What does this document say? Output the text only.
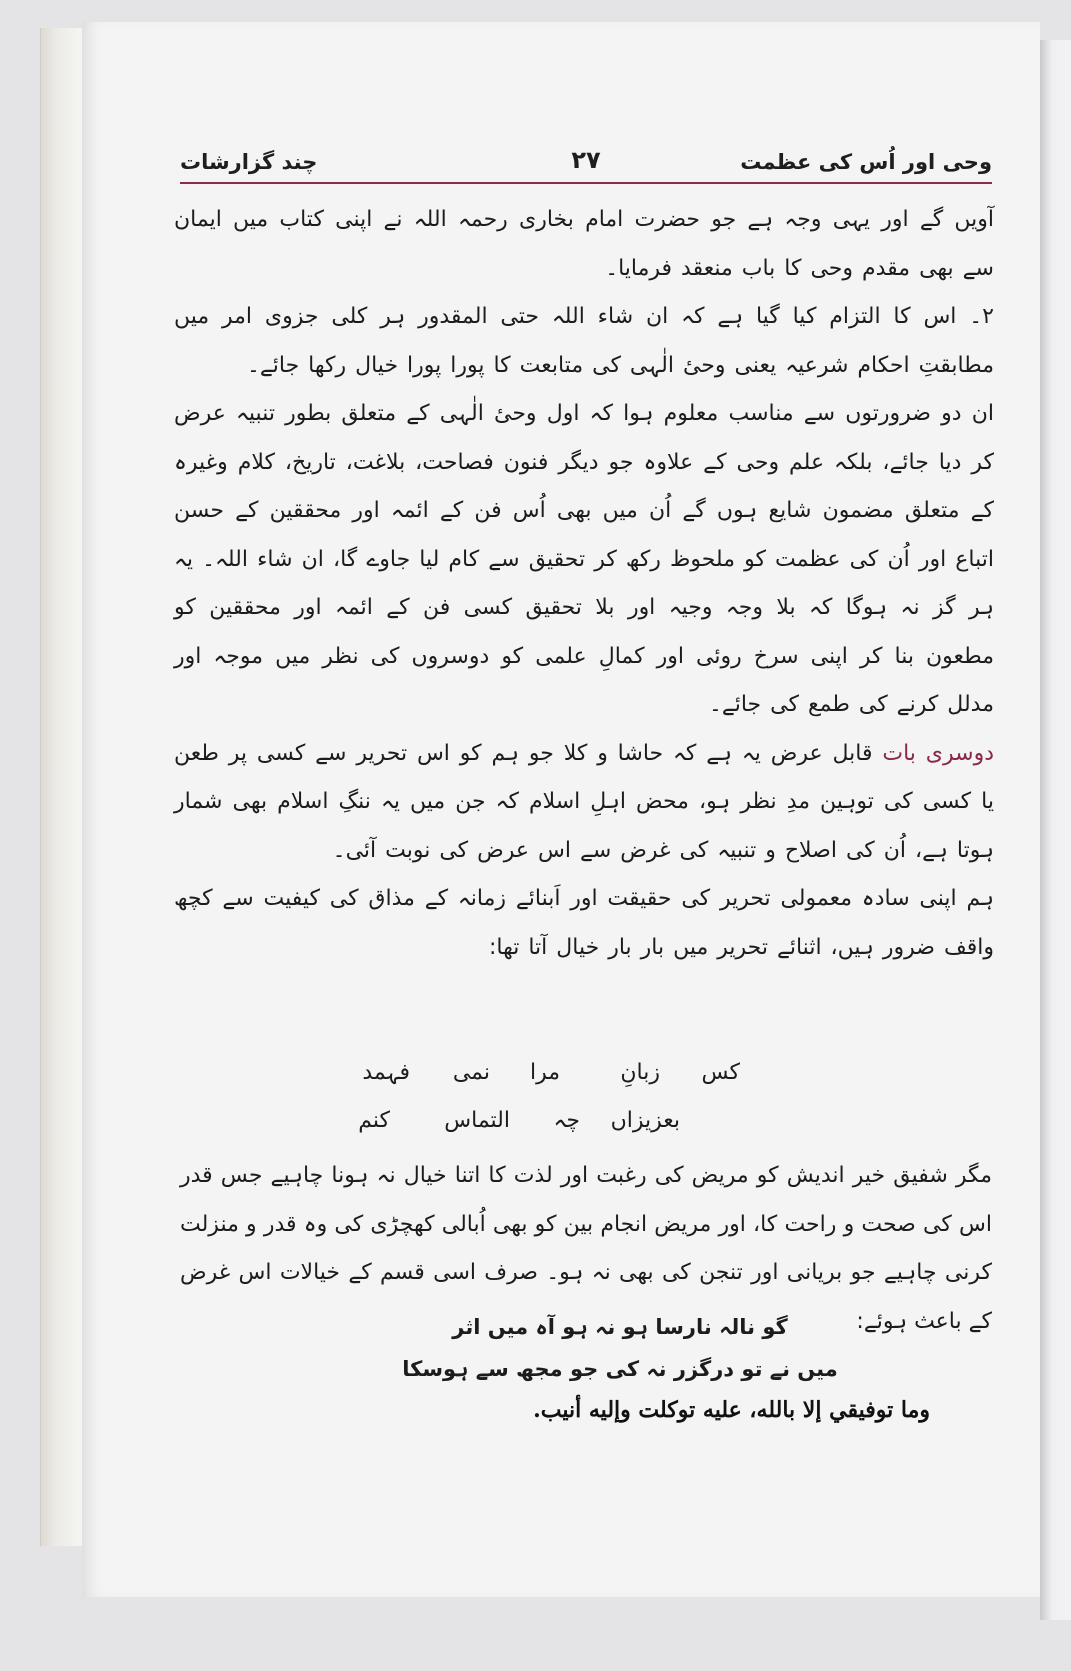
وحی اور اُس کی عظمت
۲۷
چند گزارشات

آویں گے اور یہی وجہ ہے جو حضرت امام بخاری رحمہ اللہ نے اپنی کتاب میں ایمان سے بھی مقدم وحی کا باب منعقد فرمایا۔

۲۔ اس کا التزام کیا گیا ہے کہ ان شاء اللہ حتی المقدور ہر کلی جزوی امر میں مطابقتِ احکام شرعیہ یعنی وحیٔ الٰہی کی متابعت کا پورا پورا خیال رکھا جائے۔

ان دو ضرورتوں سے مناسب معلوم ہوا کہ اول وحیٔ الٰہی کے متعلق بطور تنبیہ عرض کر دیا جائے، بلکہ علم وحی کے علاوہ جو دیگر فنون فصاحت، بلاغت، تاریخ، کلام وغیرہ کے متعلق مضمون شایع ہوں گے اُن میں بھی اُس فن کے ائمہ اور محققین کے حسن اتباع اور اُن کی عظمت کو ملحوظ رکھ کر تحقیق سے کام لیا جاوے گا، ان شاء اللہ۔ یہ ہر گز نہ ہوگا کہ بلا وجہ وجیہ اور بلا تحقیق کسی فن کے ائمہ اور محققین کو مطعون بنا کر اپنی سرخ روئی اور کمالِ علمی کو دوسروں کی نظر میں موجہ اور مدلل کرنے کی طمع کی جائے۔

دوسری بات قابل عرض یہ ہے کہ حاشا و کلا جو ہم کو اس تحریر سے کسی پر طعن یا کسی کی توہین مدِ نظر ہو، محض اہلِ اسلام کہ جن میں یہ ننگِ اسلام بھی شمار ہوتا ہے، اُن کی اصلاح و تنبیہ کی غرض سے اس عرض کی نوبت آئی۔

ہم اپنی سادہ معمولی تحریر کی حقیقت اور اَبنائے زمانہ کے مذاق کی کیفیت سے کچھ واقف ضرور ہیں، اثنائے تحریر میں بار بار خیال آتا تھا:

کس
زبانِ
مرا
نمی
فہمد
بعزیزاں
چہ
التماس
کنم

مگر شفیق خیر اندیش کو مریض کی رغبت اور لذت کا اتنا خیال نہ ہونا چاہیے جس قدر اس کی صحت و راحت کا، اور مریض انجام بین کو بھی اُبالی کھچڑی کی وہ قدر و منزلت کرنی چاہیے جو بریانی اور تنجن کی بھی نہ ہو۔ صرف اسی قسم کے خیالات اس غرض کے باعث ہوئے:

گو نالہ نارسا ہو نہ ہو آہ میں اثر
میں نے تو درگزر نہ کی جو مجھ سے ہوسکا
وما توفيقي إلا بالله، عليه توكلت وإليه أنيب.
